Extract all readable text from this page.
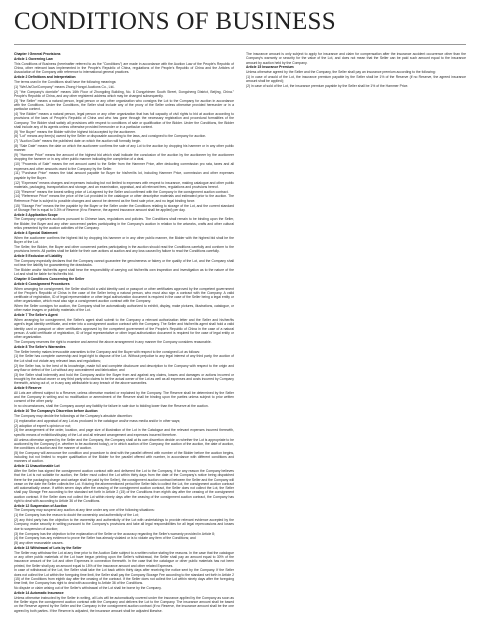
CONDITIONS OF BUSINESS

Chapter I General Provisions

Article 1 Governing Law

This Conditions of Business (hereinafter referred to as the "Conditions") are made in accordance with the Auction Law of the People's Republic of China, other relevant laws implemented in the People's Republic of China, regulations of the People's Republic of China and the Articles of Association of the Company with reference to international general practices.

Article 2 Definitions and Interpretation

The terms used in the Conditions shall have the following meanings:

(1) "We/Us/Our/Company" means Zhong Hongxi Auctions Co., Ltd..

(2) "the Company's domicile" means 16th Floor of Zhongding Building, No. 8 Dongzhimen South Street, Dongcheng District, Beijing, China." People's Republic of China, and any other registered address which may be changed subsequently.

(3) "the Seller" means a natural person, legal person or any other organization who consigns the Lot to the Company for auction in accordance with the Conditions. Under the Conditions, the Seller shall include any of the proxy of the Seller unless otherwise provided hereunder or in a particular context.

(4) "the Bidder" means a natural person, legal person or any other organization that has full capacity of civil rights to bid at auction according to provisions of the laws of People's Republic of China and who has gone through the necessary registration and procedural formalities of the Company. The Bidder shall satisfy all provisions with respect to conditions of sale or qualification of the Bidder. Under the Conditions, the Bidder shall include any of its agents unless otherwise provided hereunder or in a particular context.

(5) "the Buyer" means the Bidder with the highest bid accepted by the auctioneer.

(6) "Lot" means any item(s) owned by the Seller or disposable according to the laws, and consigned to the Company for auction.

(7) "Auction Date" means the published date on which the auction will formally begin.

(8) "Sale Date" means the date on which the auctioneer confirms the sale of any Lot to the auction by dropping his hammer or in any other public manner.

(9) "Hammer Price" means the amount of the highest bid which shall indicate the conclusion of the auction by the auctioneer by the auctioneer dropping the hammer or in any other public manner indicating the completion of a deal.

(10) "Proceeds of Sale" means the net amount owed to the Seller from the Hammer Price, after deducting commission pro rata, taxes and all expenses and other amounts owed to the Company by the Seller.

(11) "Purchase Price" means the total amount payable for Buyer for his/her/its lot, including Hammer Price, commission and other expenses payable by the Buyer.

(12) "Expenses" means charges and expenses including but not limited to expenses with respect to insurance, making catalogue and other public materials, packaging, transportation and storage, and an examination, appraisal, and all relevant fees, regulations and provisions hereof.

(13) "Reserve" means the lowest selling price of Lot agreed by the Seller and confirmed with the Company in the consignment auction contract.

(14) "Reference Price" means the price of the Lot provided in the catalogue or other descriptive materials and estimated prior to the auction. The Reference Price is subject to possible changes and cannot be deemed as the fixed sale price, and no legal binding force.

(15) "Storage Fee" means the fee payable by the Buyer or the Seller under the Conditions relating to storage of the Lot, and the current standard of Storage Fee is equal to 0.3% of Reserve (if no Reserve, the agreed insurance amount shall be applied) per day.

Article 3 Application Scope

The Company organizes auctions pursuant to Chinese laws, regulations and policies. The Conditions shall remain to be binding upon the Seller, the Bidder, the Buyer and any other concerned parties participating in the Company's auction in relation to the artworks, crafts and other cultural relics presented by the auction activities of the Company.

Article 4 Special Statement

When the auctioneer confirms the highest bid by dropping his hammer or in any other public manner, the Bidder with the highest bid shall be the Buyer of the Lot.

The Seller, the Bidder, the Buyer and other concerned parties participating in the auction should read the Conditions carefully and conform to the provisions herein. All parties shall be liable for their own actions at auction and any loss caused by failure to read the Conditions carefully.

Article 5 Exclusion of Liability

The Company especially declares that the Company cannot guarantee the genuineness or fakery or the quality of the Lot, and the Company shall not bear the liability for guaranteeing the drawbacks.

The Bidder and/or his/her/its agent shall bear the responsibility of carrying out his/her/its own inspection and investigation as to the nature of the Lot and shall be liable for his/her/its bid.

Chapter II Conditions Concerning the Seller

Article 6 Consignment Procedures

When arranging for consignment, the Seller shall hold a valid identity card or passport or other certificates approved by the competent government of the People's Republic of China in the case of the Seller being a natural person, who must also sign a contract with the Company. A valid certificate of registration, ID of legal representative or other legal authorization document is required in the case of the Seller being a legal entity or other organization, which must also sign a consignment auction contract with the Company.

When the Seller consigns for auction, the Company shall be automatically authorized to exhibit, display, make pictures, illustrations, catalogue, or other make images or publicity materials of the Lot.

Article 7 The Seller's Agent

When arranging for consignment, the Seller's agent shall submit to the Company a relevant authorization letter and the Seller and his/her/its agent's legal identity certificate, and enter into a consignment auction contract with the Company. The Seller and his/her/its agent shall hold a valid identity card or passport or other certificates approved by the competent government of the People's Republic of China in the case of a natural person. A valid certificate of registration, ID of legal representative or other legal authorization document is required for the case of legal entity or other organization.

The Company reserves the right to examine and amend the above arrangement in any manner the Company considers reasonable.

Article 8 The Seller's Warranties

The Seller hereby makes irrevocable warranties to the Company and the Buyer with respect to the consigned Lot as follows:

(1) the Seller has complete ownership and legal right to dispose of the Lot. Without prejudice to any legal interest of any third party, the auction of the Lot shall not violate any relevant laws and regulations;

(2) the Seller has, to the best of its knowledge, made full and complete disclosure and description to the Company with respect to the origin and any flaw or defect of the Lot without any concealment and fabrication; and

(3) the Seller shall indemnify and hold the Company and/or the Buyer from and against any claims, losses and damages or actions incurred or brought by the actual owner or any third party who claims to be the actual owner of the Lot as well as all expenses and costs incurred by Company therewith, arising out of, or in any way attributable to any breach of the above warranties.

Article 9 Reserve

All Lots are offered subject to a Reserve, unless otherwise marked or explained by the Company. The Reserve shall be determined by the Seller and the Company in writing and no modification or amendment of the Reserve shall be binding upon the parties unless subject to prior written consent of the other party.

In no circumstances, shall the Company accept any liability for failure in sale due to bidding lower than the Reserve at the auction.

Article 10 The Company's Discretion before Auction

The Company may decide the followings at the Company's absolute discretion:

(1) explanation and appraisal of any Lot as produced in the catalogue and/or mass media and/or in other ways;

(2) adoption of expert's opinion or not;

(3) the arrangement of the order, location, and page size of illustration of the Lot in the Catalogue and the relevant expenses incurred therewith, specific means of exhibition/display of the Lot and all relevant arrangement and expenses incurred therefore.

All unless otherwise agreed by the Seller and the Company, the Company shall at its own discretion decide on whether the Lot is appropriate to be auctioned by the Company (i.e. whether to be auctioned today), or in which auction of the Company, the auction of the auction, the date of auction, the conditions of auction and the manner of auction.

(5) the Company will announce the condition and procedure to deal with the parallel offered with number of the Bidder before the auction begins, including but not limited to require qualification of the Bidder for the parallel offered with number, in accordance with different conditions and manners of auction.

Article 11 Unauctionable Lot

After the Seller has signed the consignment auction contract with and delivered the Lot to the Company, if for any reason the Company believes that the Lot is not suitable for auction, the Seller must collect the Lot within thirty days from the date of the Company's notice being dispatched there for the packaging charge and cartage shall be paid by the Seller), the consignment auction contract between the Seller and the Company will cease on the date the Seller collects the Lot. If during the aforementioned period the Seller fails to collect the Lot, the consignment auction contract will automatically cease. If within seven days after the ceasing of the consignment auction contract, the Seller does not collect the Lot, the Seller shall pay Storage Fee according to the standard set forth in Article 2 (15) of the Conditions from eighth day after the ceasing of the consignment auction contract. If the Seller does not collect the Lot within ninety days after the ceasing of the consignment auction contract, the Company has right to deal with according to Article 36 of the Conditions.

Article 12 Suspension of Auction

The Company may suspend any auction at any time under any one of the following situations:

(1) the Company has the reason to doubt the ownership and authenticity of the Lot;

(2) any third party has the objection to the ownership and authenticity of the Lot with undertakings to provide relevant evidence accepted by the Company, make security in writing pursuant to the Company's provisions and take all legal responsibilities for all legal repercussions and losses due to suspension of auction;

(3) the Company has the objection to the explanation of the Seller or the accuracy regarding the Seller's warranty provided in Article 8;

(4) the Company has any evidence to prove the Seller has already violated or is to violate any item of the Conditions; and

(5) any other reasonable causes.

Article 13 Withdrawal of Lots by the Seller

The Seller may withdraw the Lot at any time prior to the Auction Date subject to a written notice stating the reasons. In the case that the catalogue or any other public materials of the Lot have begun printing upon the Seller's withdrawal, the Seller shall pay an amount equal to 30% of the insurance amount of the Lot and other Expenses in connection therewith. In the case that the catalogue or other public materials has not been printed, the Seller shall pay an amount equal to 15% of the insurance amount and other related Expenses.

In case of withdrawal of the Lot, the Seller shall take the Lot back within thirty days after receiving the notice sent by the Company. If the Seller does not collect the Lot within the foregoing time limit, the Seller shall pay the Company Storage Fee according to the standard set forth in Article 2 (15) of the Conditions from eighth day after the ceasing of the contract. If the Seller does not collect the Lot within ninety days after the foregoing time limit, the Company has right to deal with according to Article 36 of the Conditions.

No dispute or claim arising out of the Seller's withdrawal of the Lot shall be borne by the Company.

Article 14 Automatic Insurance

Unless otherwise instructed by the Seller in writing, all Lots will be automatically covered under the insurance applied by the Company as soon as the Seller signs the consignment auction contract with the Company and delivers the Lot to the Company. The insurance amount shall be based on the Reserve agreed by the Seller and the Company in the consignment auction contract (if no Reserve, the insurance amount shall be the one agreed by both parties. If the Reserve is adjusted, the insurance amount shall be adjusted likewise.

The insurance amount is only subject to apply for insurance and claim for compensation after the insurance accident occurrence other than the Company's warranty or security for the value of the Lot, and does not mean that the Seller can be paid such amount equal to the insurance amount by auction held by the Company.

Article 15 Insurance Premium

Unless otherwise agreed by the Seller and the Company, the Seller shall pay an insurance premium according to the following:

(1) in case of unsold of the Lot, the insurance premium payable by the Seller shall be 1% of the Reserve (if no Reserve, the agreed insurance amount shall be applied);

(2) in case of sold of the Lot, the insurance premium payable by the Seller shall be 1% of the Hammer Price.
